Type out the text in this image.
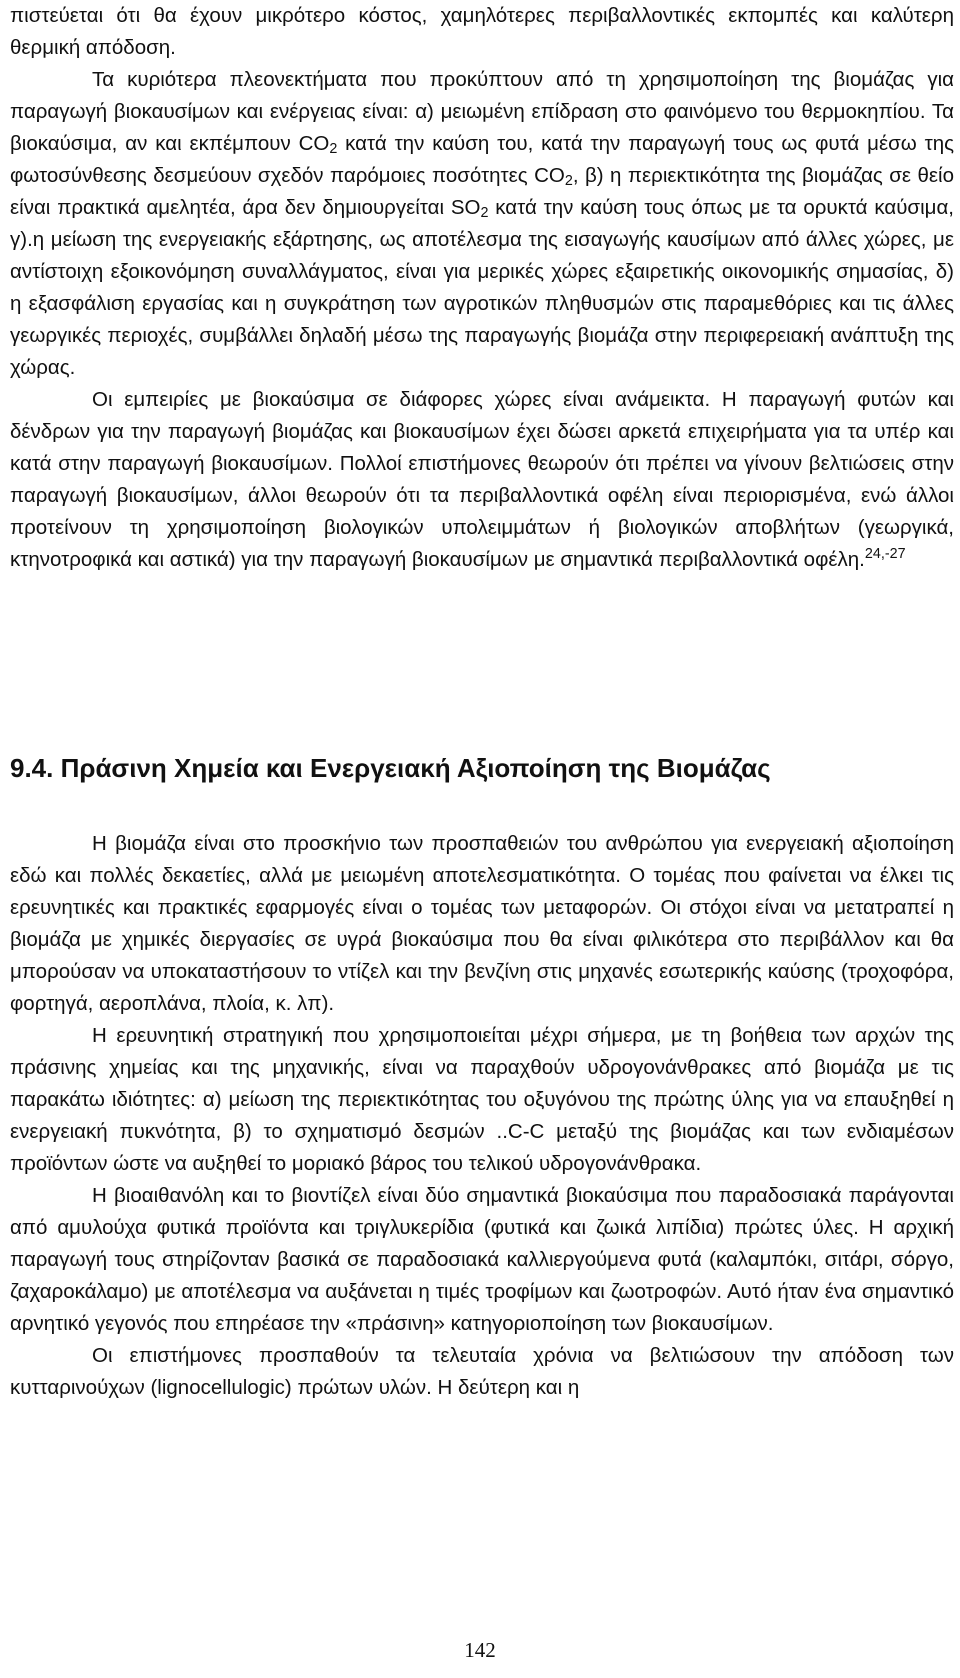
πιστεύεται ότι θα έχουν μικρότερο κόστος, χαμηλότερες περιβαλλοντικές εκπομπές και καλύτερη θερμική απόδοση.

Τα κυριότερα πλεονεκτήματα που προκύπτουν από τη χρησιμοποίηση της βιομάζας για παραγωγή βιοκαυσίμων και ενέργειας είναι: α) μειωμένη επίδραση στο φαινόμενο του θερμοκηπίου. Τα βιοκαύσιμα, αν και εκπέμπουν $CO_2$ κατά την καύση του, κατά την παραγωγή τους ως φυτά μέσω της φωτοσύνθεσης δεσμεύουν σχεδόν παρόμοιες ποσότητες $CO_2$, β) η περιεκτικότητα της βιομάζας σε θείο είναι πρακτικά αμελητέα, άρα δεν δημιουργείται $SO_2$ κατά την καύση τους όπως με τα ορυκτά καύσιμα, γ).η μείωση της ενεργειακής εξάρτησης, ως αποτέλεσμα της εισαγωγής καυσίμων από άλλες χώρες, με αντίστοιχη εξοικονόμηση συναλλάγματος, είναι για μερικές χώρες εξαιρετικής οικονομικής σημασίας, δ) η εξασφάλιση εργασίας και η συγκράτηση των αγροτικών πληθυσμών στις παραμεθόριες και τις άλλες γεωργικές περιοχές, συμβάλλει δηλαδή μέσω της παραγωγής βιομάζα στην περιφερειακή ανάπτυξη της χώρας.

Οι εμπειρίες με βιοκαύσιμα σε διάφορες χώρες είναι ανάμεικτα. Η παραγωγή φυτών και δένδρων για την παραγωγή βιομάζας και βιοκαυσίμων έχει δώσει αρκετά επιχειρήματα για τα υπέρ και κατά στην παραγωγή βιοκαυσίμων. Πολλοί επιστήμονες θεωρούν ότι πρέπει να γίνουν βελτιώσεις στην παραγωγή βιοκαυσίμων, άλλοι θεωρούν ότι τα περιβαλλοντικά οφέλη είναι περιορισμένα, ενώ άλλοι προτείνουν τη χρησιμοποίηση βιολογικών υπολειμμάτων ή βιολογικών αποβλήτων (γεωργικά, κτηνοτροφικά και αστικά) για την παραγωγή βιοκαυσίμων με σημαντικά περιβαλλοντικά οφέλη.$^{24,-27}$

9.4. Πράσινη Χημεία και Ενεργειακή Αξιοποίηση της Βιομάζας

Η βιομάζα είναι στο προσκήνιο των προσπαθειών του ανθρώπου για ενεργειακή αξιοποίηση εδώ και πολλές δεκαετίες, αλλά με μειωμένη αποτελεσματικότητα. Ο τομέας που φαίνεται να έλκει τις ερευνητικές και πρακτικές εφαρμογές είναι ο τομέας των μεταφορών. Οι στόχοι είναι να μετατραπεί η βιομάζα με χημικές διεργασίες σε υγρά βιοκαύσιμα που θα είναι φιλικότερα στο περιβάλλον και θα μπορούσαν να υποκαταστήσουν το ντίζελ και την βενζίνη στις μηχανές εσωτερικής καύσης (τροχοφόρα, φορτηγά, αεροπλάνα, πλοία, κ. λπ).

Η ερευνητική στρατηγική που χρησιμοποιείται μέχρι σήμερα, με τη βοήθεια των αρχών της πράσινης χημείας και της μηχανικής, είναι να παραχθούν υδρογονάνθρακες από βιομάζα με τις παρακάτω ιδιότητες: α) μείωση της περιεκτικότητας του οξυγόνου της πρώτης ύλης για να επαυξηθεί η ενεργειακή πυκνότητα, β) το σχηματισμό δεσμών ..C-C μεταξύ της βιομάζας και των ενδιαμέσων προϊόντων ώστε να αυξηθεί το μοριακό βάρος του τελικού υδρογονάνθρακα.

Η βιοαιθανόλη και το βιοντίζελ είναι δύο σημαντικά βιοκαύσιμα που παραδοσιακά παράγονται από αμυλούχα φυτικά προϊόντα και τριγλυκερίδια (φυτικά και ζωικά λιπίδια) πρώτες ύλες. Η αρχική παραγωγή τους στηρίζονταν βασικά σε παραδοσιακά καλλιεργούμενα φυτά (καλαμπόκι, σιτάρι, σόργο, ζαχαροκάλαμο) με αποτέλεσμα να αυξάνεται η τιμές τροφίμων και ζωοτροφών. Αυτό ήταν ένα σημαντικό αρνητικό γεγονός που επηρέασε την «πράσινη» κατηγοριοποίηση των βιοκαυσίμων.

Οι επιστήμονες προσπαθούν τα τελευταία χρόνια να βελτιώσουν την απόδοση των κυτταρινούχων (lignocellulogic) πρώτων υλών. Η δεύτερη και η

142
